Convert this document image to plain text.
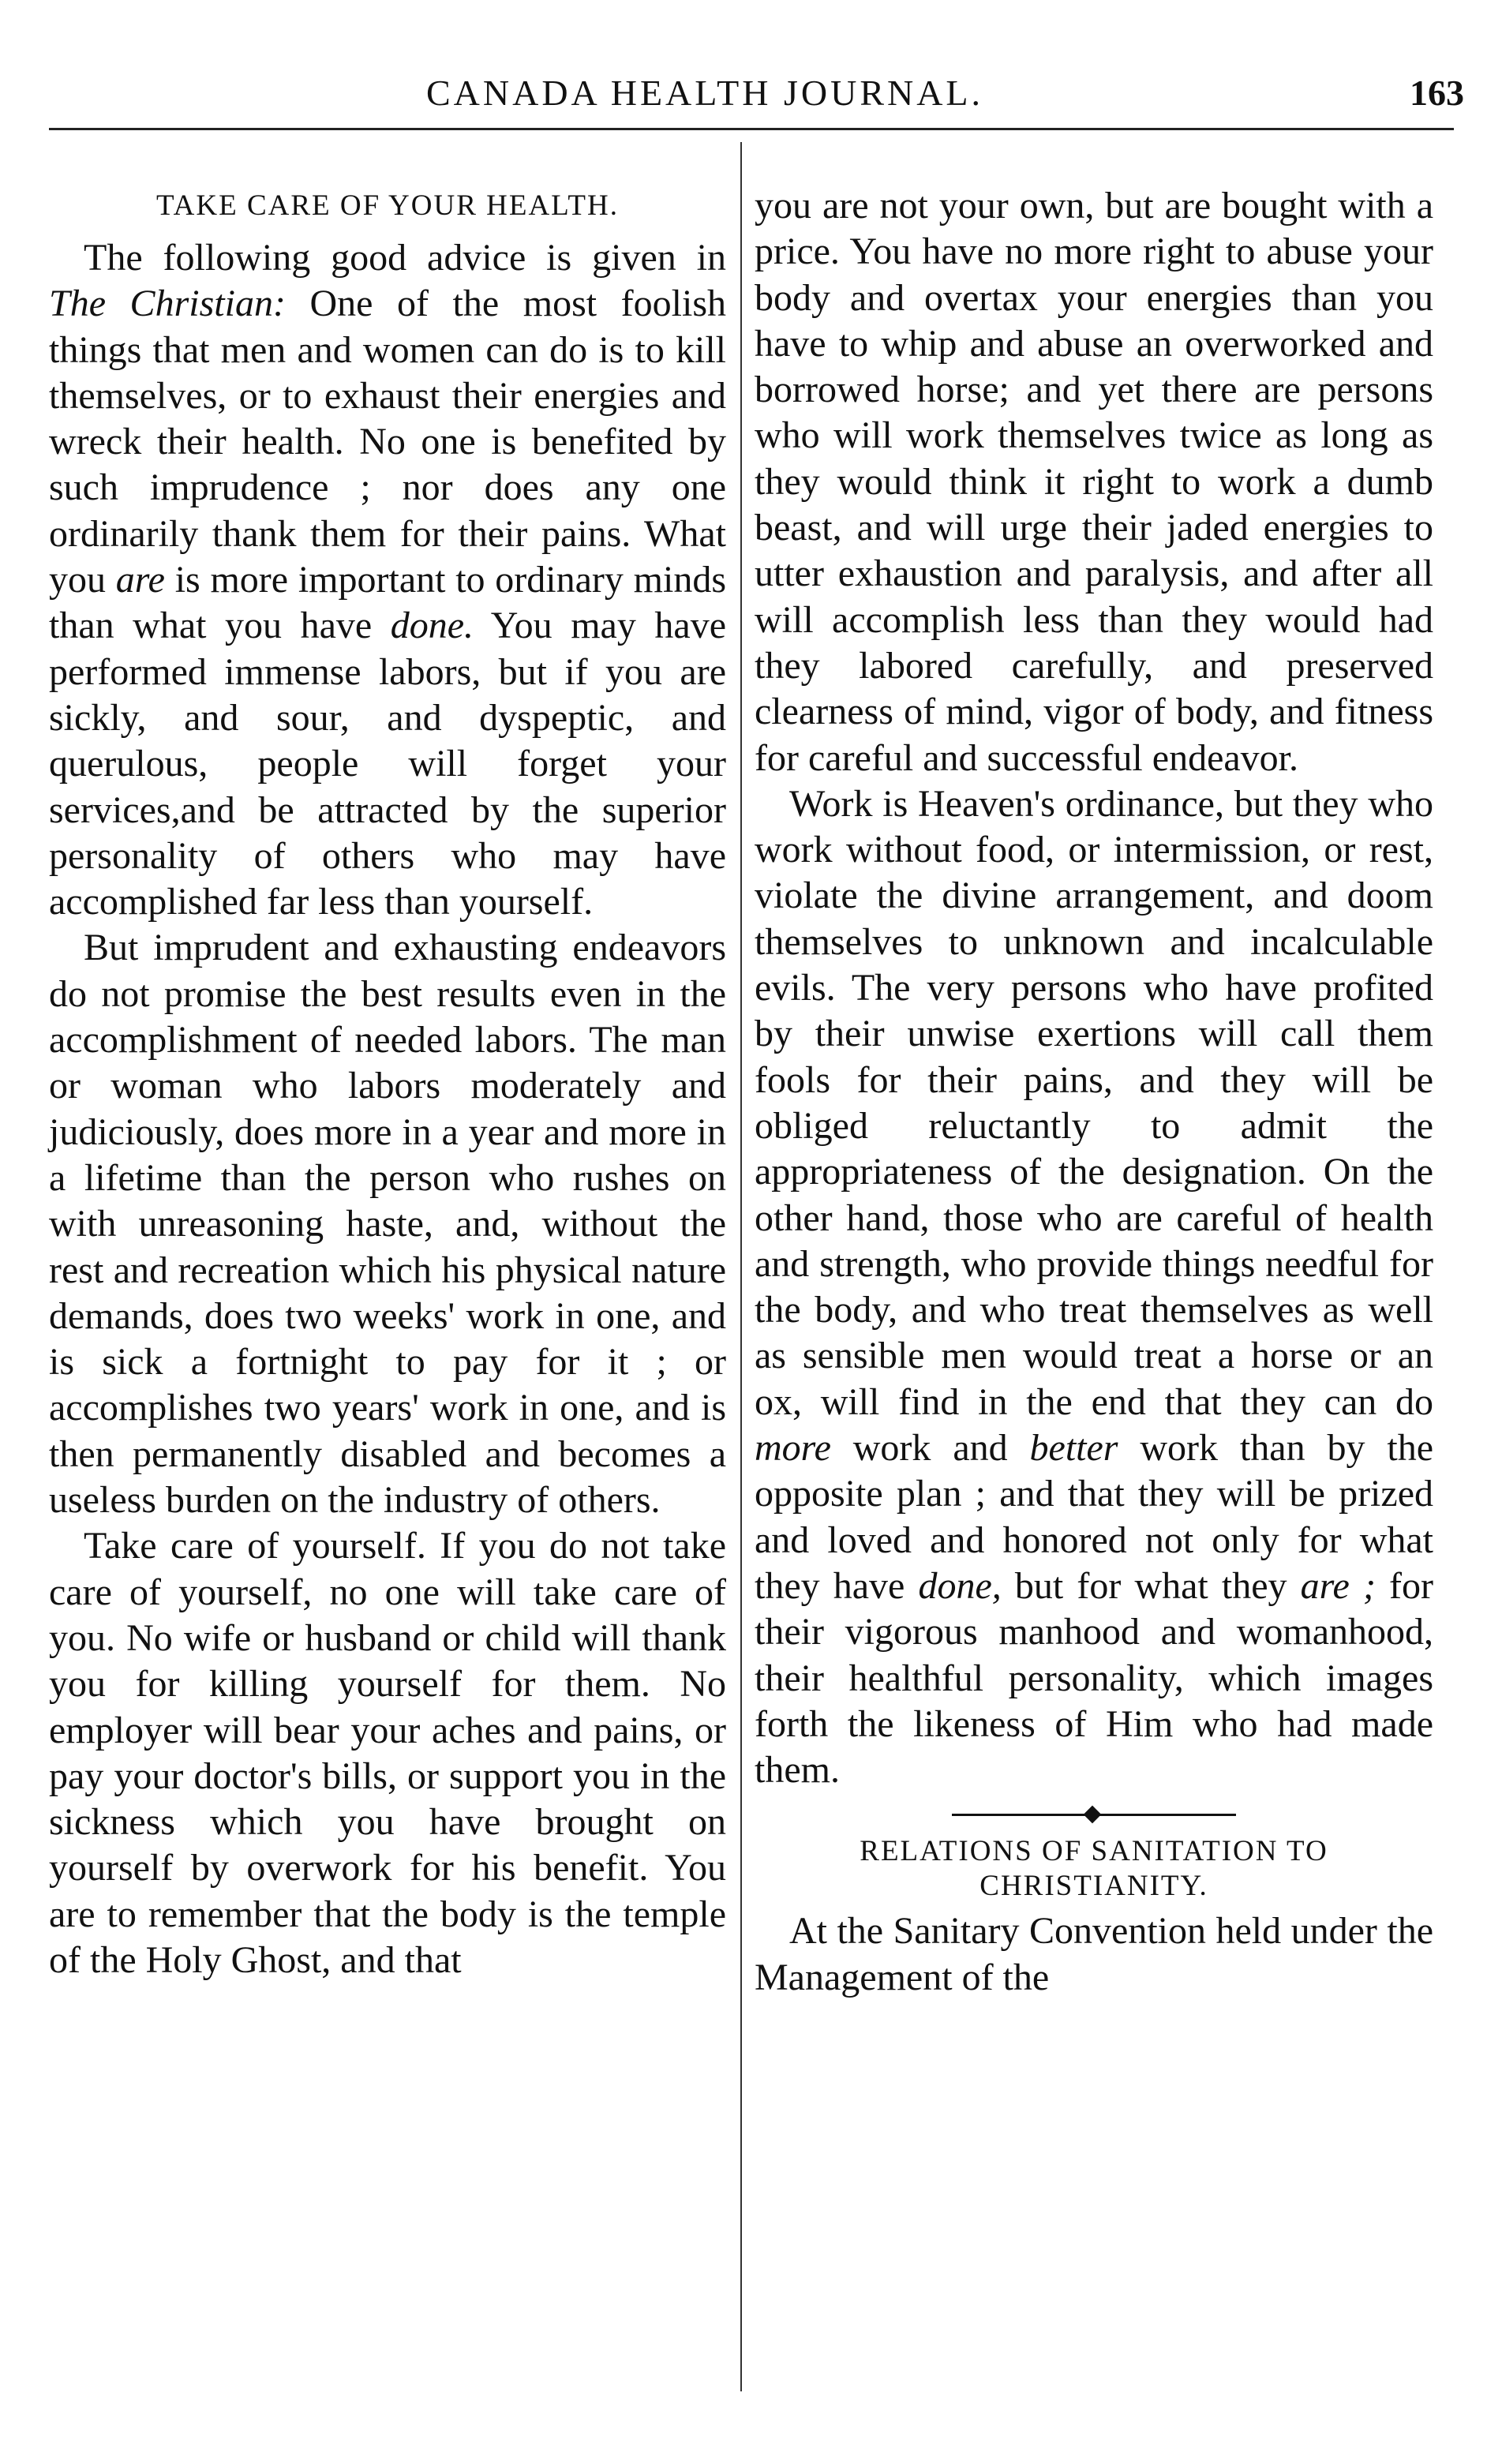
CANADA HEALTH JOURNAL.	163
TAKE CARE OF YOUR HEALTH.

The following good advice is given in The Christian: One of the most foolish things that men and women can do is to kill themselves, or to exhaust their energies and wreck their health. No one is benefited by such imprudence ; nor does any one ordinarily thank them for their pains. What you are is more important to ordinary minds than what you have done. You may have performed immense labors, but if you are sickly, and sour, and dyspeptic, and querulous, people will forget your services,and be attracted by the superior personality of others who may have accomplished far less than yourself.

But imprudent and exhausting endeavors do not promise the best results even in the accomplishment of needed labors. The man or woman who labors moderately and judiciously, does more in a year and more in a lifetime than the person who rushes on with unreasoning haste, and, without the rest and recreation which his physical nature demands, does two weeks' work in one, and is sick a fortnight to pay for it ; or accomplishes two years' work in one, and is then permanently disabled and becomes a useless burden on the industry of others.

Take care of yourself. If you do not take care of yourself, no one will take care of you. No wife or husband or child will thank you for killing yourself for them. No employer will bear your aches and pains, or pay your doctor's bills, or support you in the sickness which you have brought on yourself by overwork for his benefit. You are to remember that the body is the temple of the Holy Ghost, and that

you are not your own, but are bought with a price. You have no more right to abuse your body and overtax your energies than you have to whip and abuse an overworked and borrowed horse; and yet there are persons who will work themselves twice as long as they would think it right to work a dumb beast, and will urge their jaded energies to utter exhaustion and paralysis, and after all will accomplish less than they would had they labored carefully, and preserved clearness of mind, vigor of body, and fitness for careful and successful endeavor.

Work is Heaven's ordinance, but they who work without food, or intermission, or rest, violate the divine arrangement, and doom themselves to unknown and incalculable evils. The very persons who have profited by their unwise exertions will call them fools for their pains, and they will be obliged reluctantly to admit the appropriateness of the designation. On the other hand, those who are careful of health and strength, who provide things needful for the body, and who treat themselves as well as sensible men would treat a horse or an ox, will find in the end that they can do more work and better work than by the opposite plan ; and that they will be prized and loved and honored not only for what they have done, but for what they are ; for their vigorous manhood and womanhood, their healthful personality, which images forth the likeness of Him who had made them.

RELATIONS OF SANITATION TO
CHRISTIANITY.

At the Sanitary Convention held under the Management of the
